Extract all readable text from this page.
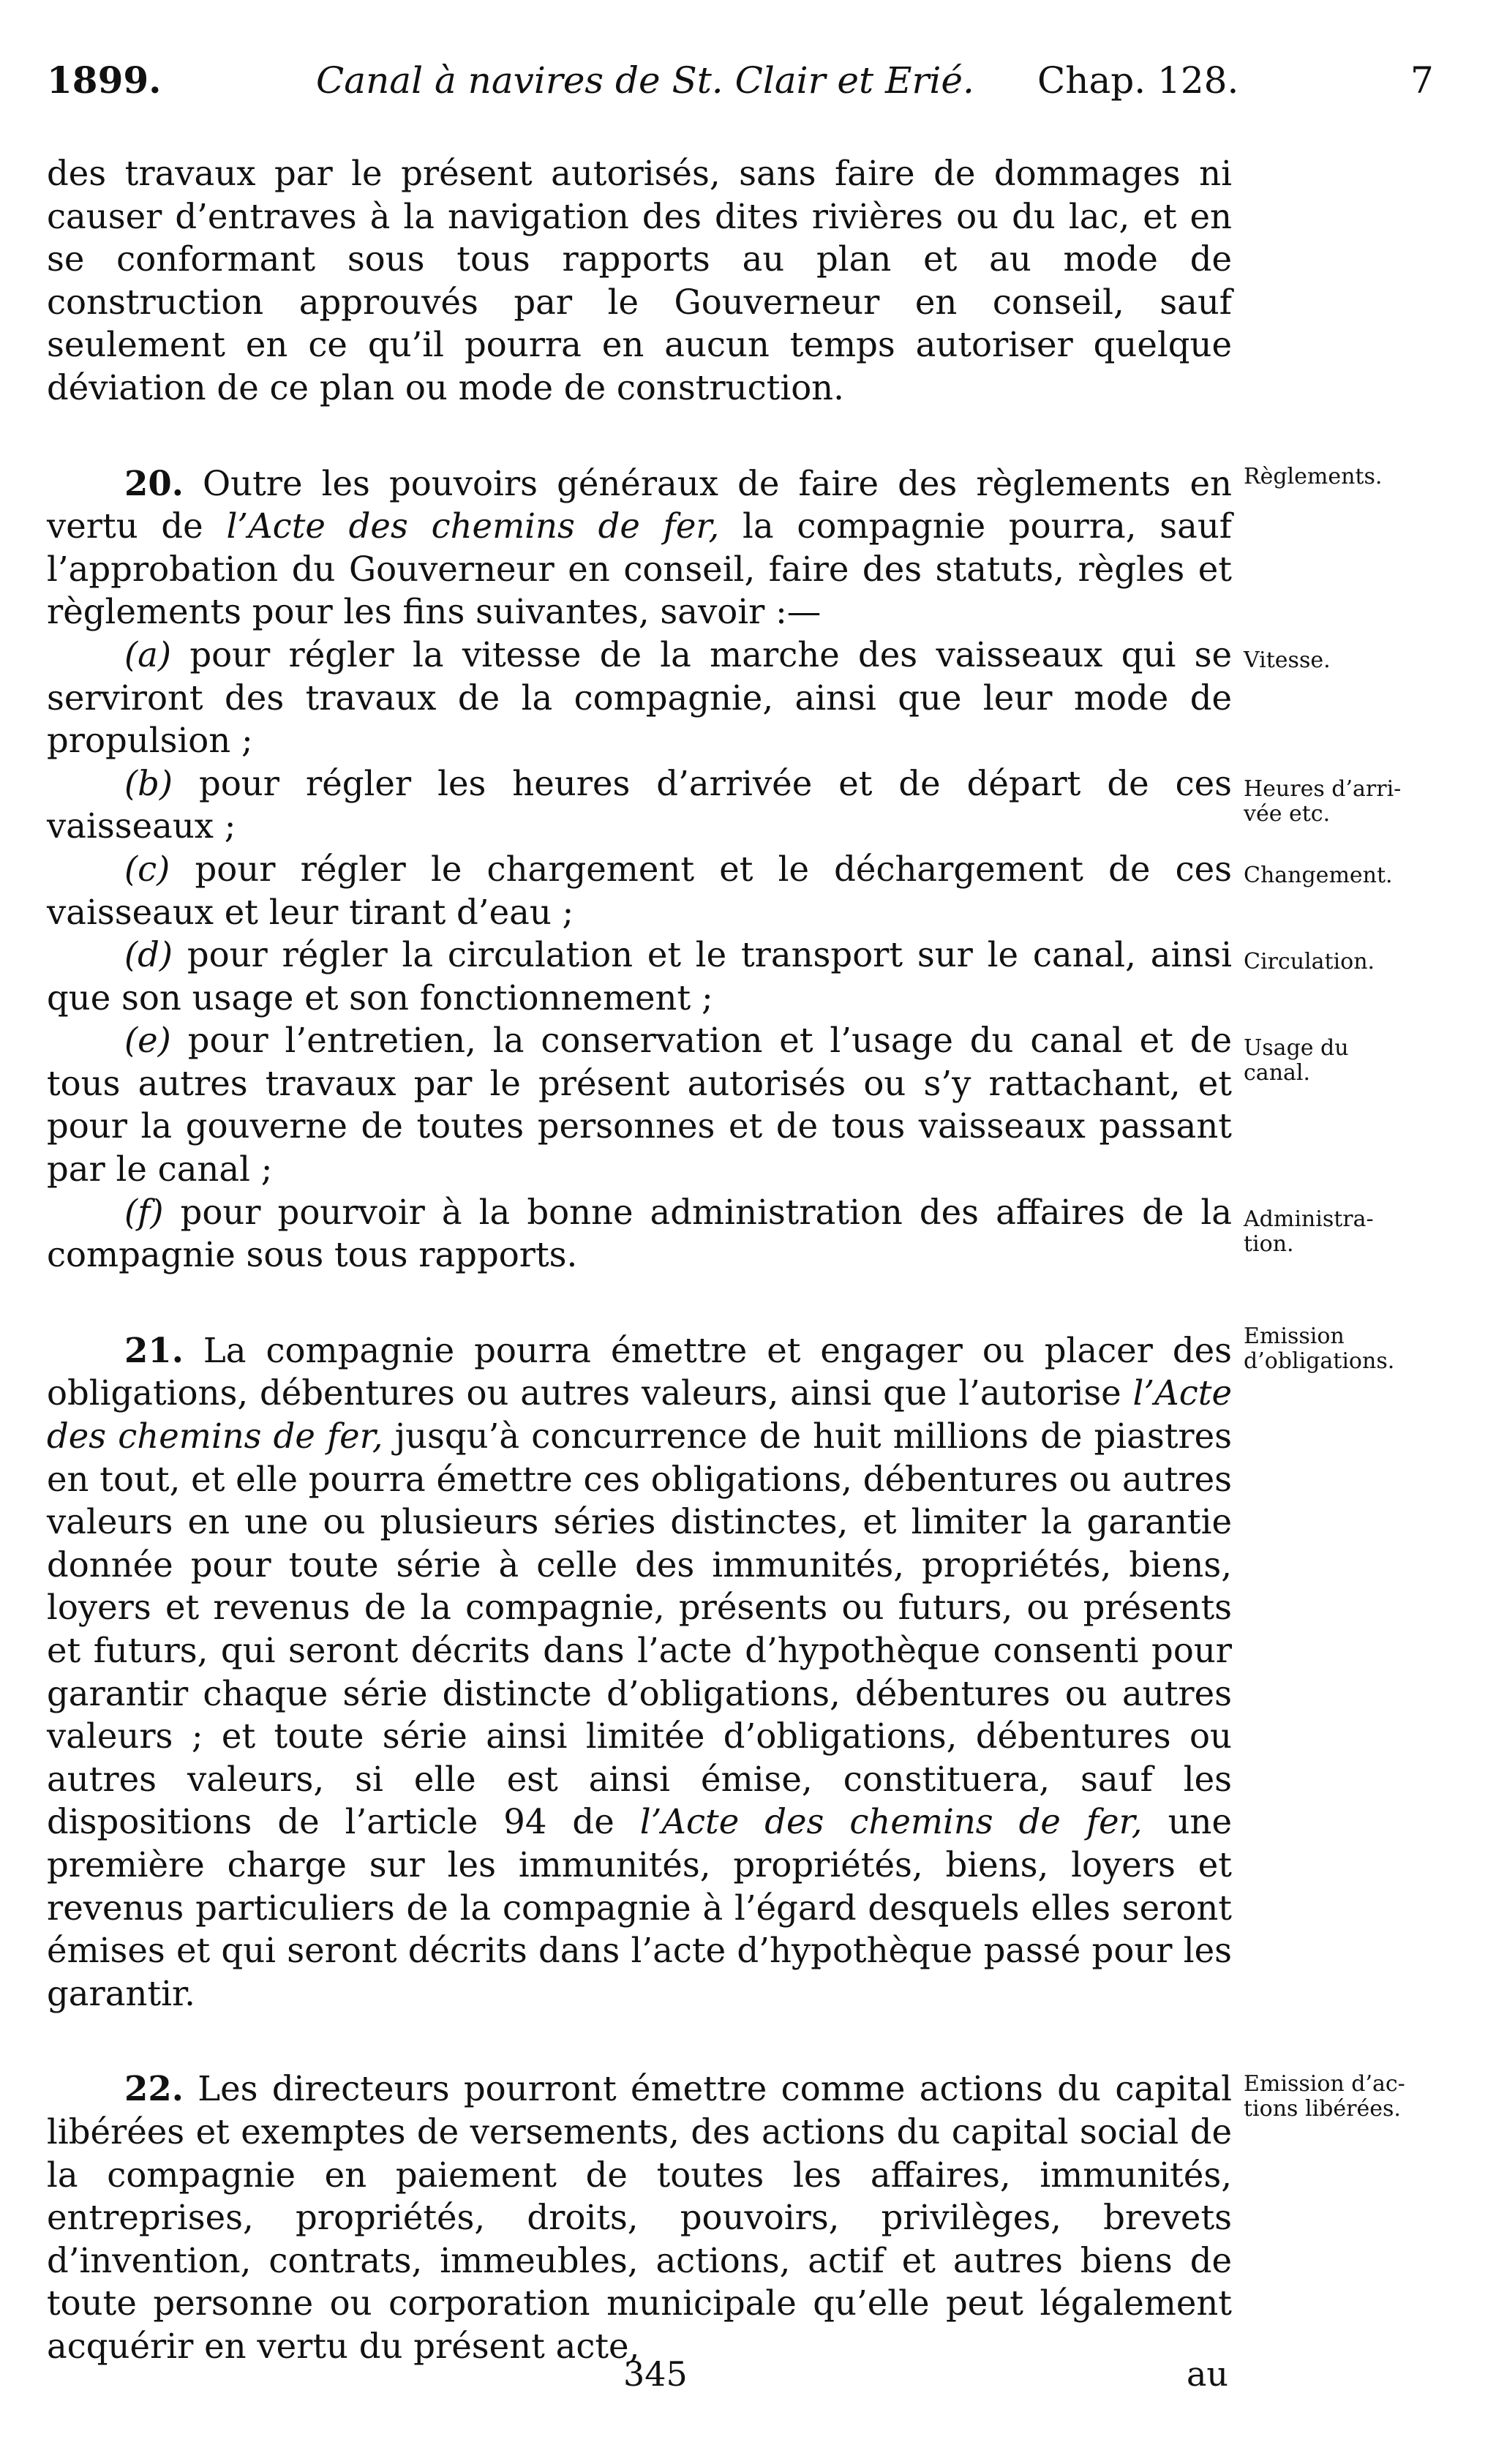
1899.	Canal à navires de St. Clair et Erié. Chap. 128.	7

des travaux par le présent autorisés, sans faire de dommages ni causer d’entraves à la navigation des dites rivières ou du lac, et en se conformant sous tous rapports au plan et au mode de construction approuvés par le Gouverneur en conseil, sauf seulement en ce qu’il pourra en aucun temps autoriser quelque déviation de ce plan ou mode de construction.

20. Outre les pouvoirs généraux de faire des règlements en vertu de l’Acte des chemins de fer, la compagnie pourra, sauf l’approbation du Gouverneur en conseil, faire des statuts, règles et règlements pour les fins suivantes, savoir :—

(a) pour régler la vitesse de la marche des vaisseaux qui se serviront des travaux de la compagnie, ainsi que leur mode de propulsion ;

(b) pour régler les heures d’arrivée et de départ de ces vaisseaux ;

(c) pour régler le chargement et le déchargement de ces vaisseaux et leur tirant d’eau ;

(d) pour régler la circulation et le transport sur le canal, ainsi que son usage et son fonctionnement ;

(e) pour l’entretien, la conservation et l’usage du canal et de tous autres travaux par le présent autorisés ou s’y rattachant, et pour la gouverne de toutes personnes et de tous vaisseaux passant par le canal ;

(f) pour pourvoir à la bonne administration des affaires de la compagnie sous tous rapports.

21. La compagnie pourra émettre et engager ou placer des obligations, débentures ou autres valeurs, ainsi que l’autorise l’Acte des chemins de fer, jusqu’à concurrence de huit millions de piastres en tout, et elle pourra émettre ces obligations, débentures ou autres valeurs en une ou plusieurs séries distinctes, et limiter la garantie donnée pour toute série à celle des immunités, propriétés, biens, loyers et revenus de la compagnie, présents ou futurs, ou présents et futurs, qui seront décrits dans l’acte d’hypothèque consenti pour garantir chaque série distincte d’obligations, débentures ou autres valeurs ; et toute série ainsi limitée d’obligations, débentures ou autres valeurs, si elle est ainsi émise, constituera, sauf les dispositions de l’article 94 de l’Acte des chemins de fer, une première charge sur les immunités, propriétés, biens, loyers et revenus particuliers de la compagnie à l’égard desquels elles seront émises et qui seront décrits dans l’acte d’hypothèque passé pour les garantir.

22. Les directeurs pourront émettre comme actions du capital libérées et exemptes de versements, des actions du capital social de la compagnie en paiement de toutes les affaires, immunités, entreprises, propriétés, droits, pouvoirs, privilèges, brevets d’invention, contrats, immeubles, actions, actif et autres biens de toute personne ou corporation municipale qu’elle peut légalement acquérir en vertu du présent acte,

Règlements.
Vitesse.
Heures d’arri-
vée etc.
Changement.
Circulation.
Usage du
canal.
Administra-
tion.
Emission
d’obligations.
Emission d’ac-
tions libérées.
345	au
